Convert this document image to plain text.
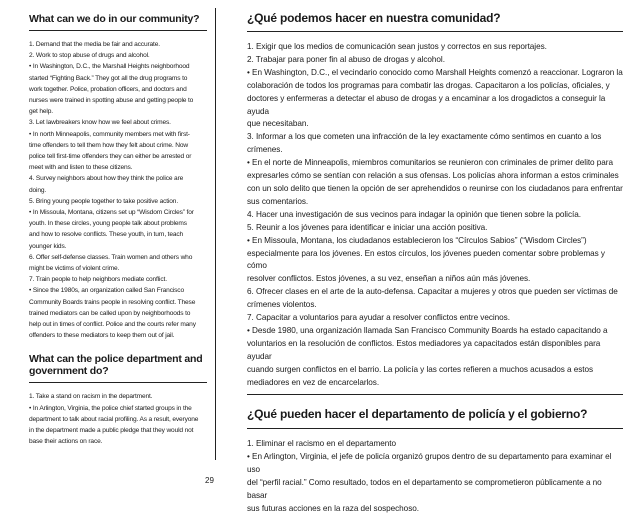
What can we do in our community?

1. Demand that the media be fair and accurate.

2. Work to stop abuse of drugs and alcohol.

• In Washington, D.C., the Marshall Heights neighborhood

started “Fighting Back.” They got all the drug programs to

work together. Police, probation officers, and doctors and

nurses were trained in spotting abuse and getting people to

get help.

3. Let lawbreakers know how we feel about crimes.

• In north Minneapolis, community members met with first-

time offenders to tell them how they felt about crime. Now

police tell first-time offenders they can either be arrested or

meet with and listen to these citizens.

4. Survey neighbors about how they think the police are

doing.

5. Bring young people together to take positive action.

• In Missoula, Montana, citizens set up “Wisdom Circles” for

youth. In these circles, young people talk about problems

and how to resolve conflicts. These youth, in turn, teach

younger kids.

6. Offer self-defense classes. Train women and others who

might be victims of violent crime.

7. Train people to help neighbors mediate conflict.

• Since the 1980s, an organization called San Francisco

Community Boards trains people in resolving conflict. These

trained mediators can be called upon by neighborhoods to

help out in times of conflict. Police and the courts refer many

offenders to these mediators to keep them out of jail.

What can the police department and
government do?

1. Take a stand on racism in the department.

• In Arlington, Virginia, the police chief started groups in the

department to talk about racial profiling. As a result, everyone

in the department made a public pledge that they would not

base their actions on race.

¿Qué podemos hacer en nuestra comunidad?

1. Exigir que los medios de comunicación sean justos y correctos en sus reportajes.

2. Trabajar para poner fin al abuso de drogas y alcohol.

• En Washington, D.C., el vecindario conocido como Marshall Heights comenzó a reaccionar. Lograron la

colaboración de todos los programas para combatir las drogas. Capacitaron a los policías, oficiales, y

doctores y enfermeras a detectar el abuso de drogas y a encaminar a los drogadictos a conseguir la ayuda

que necesitaban.

3. Informar a los que cometen una infracción de la ley exactamente cómo sentimos en cuanto a los

crímenes.

• En el norte de Minneapolis, miembros comunitarios se reunieron con criminales de primer delito para

expresarles cómo se sentían con relación a sus ofensas. Los policías ahora informan a estos criminales

con un solo delito que tienen la opción de ser aprehendidos o reunirse con los ciudadanos para enfrentar

sus comentarios.

4. Hacer una investigación de sus vecinos para indagar la opinión que tienen sobre la policía.

5. Reunir a los jóvenes para identificar e iniciar una acción positiva.

• En Missoula, Montana, los ciudadanos establecieron los “Círculos Sabios” (“Wisdom Circles”)

especialmente para los jóvenes. En estos círculos, los jóvenes pueden comentar sobre problemas y cómo

resolver conflictos. Estos jóvenes, a su vez, enseñan a niños aún más jóvenes.

6. Ofrecer clases en el arte de la auto-defensa. Capacitar a mujeres y otros que pueden ser víctimas de

crímenes violentos.

7. Capacitar a voluntarios para ayudar a resolver conflictos entre vecinos.

• Desde 1980, una organización llamada San Francisco Community Boards ha estado capacitando a

voluntarios en la resolución de conflictos. Estos mediadores ya capacitados están disponibles para ayudar

cuando surgen conflictos en el barrio. La policía y las cortes refieren a muchos acusados a estos

mediadores en vez de encarcelarlos.

¿Qué pueden hacer el departamento de policía y el gobierno?

1. Eliminar el racismo en el departamento

• En Arlington, Virginia, el jefe de policía organizó grupos dentro de su departamento para examinar el uso

del “perfil racial.” Como resultado, todos en el departamento se comprometieron públicamente a no basar

sus futuras acciones en la raza del sospechoso.

29
